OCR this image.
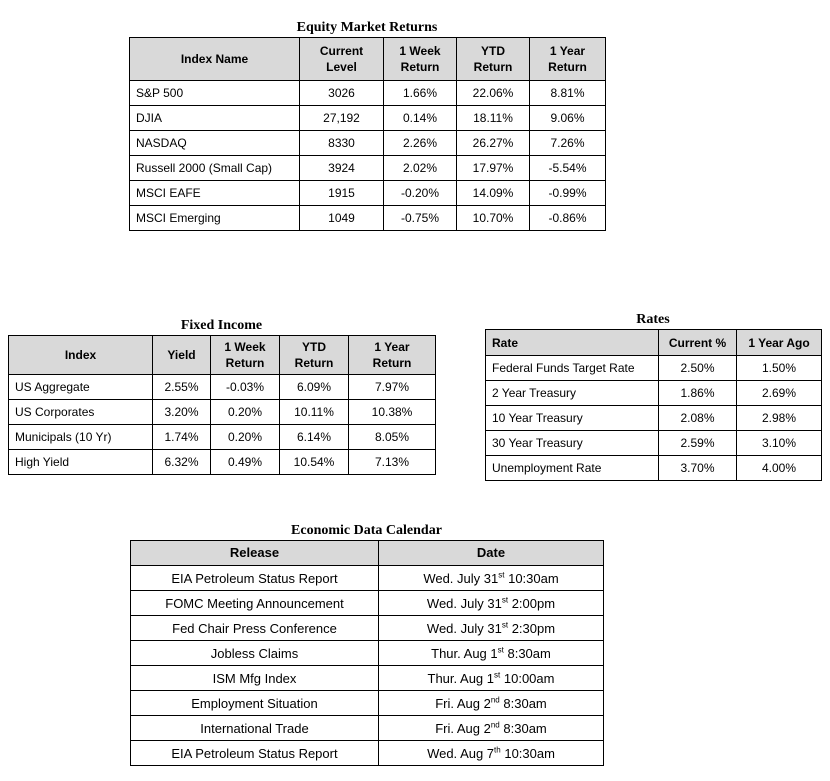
Equity Market Returns
Index Name	Current Level	1 Week Return	YTD Return	1 Year Return
S&P 500	3026	1.66%	22.06%	8.81%
DJIA	27,192	0.14%	18.11%	9.06%
NASDAQ	8330	2.26%	26.27%	7.26%
Russell 2000 (Small Cap)	3924	2.02%	17.97%	-5.54%
MSCI EAFE	1915	-0.20%	14.09%	-0.99%
MSCI Emerging	1049	-0.75%	10.70%	-0.86%
Fixed Income
Index	Yield	1 Week Return	YTD Return	1 Year Return
US Aggregate	2.55%	-0.03%	6.09%	7.97%
US Corporates	3.20%	0.20%	10.11%	10.38%
Municipals (10 Yr)	1.74%	0.20%	6.14%	8.05%
High Yield	6.32%	0.49%	10.54%	7.13%
Rates
Rate	Current %	1 Year Ago
Federal Funds Target Rate	2.50%	1.50%
2 Year Treasury	1.86%	2.69%
10 Year Treasury	2.08%	2.98%
30 Year Treasury	2.59%	3.10%
Unemployment Rate	3.70%	4.00%
Economic Data Calendar
Release	Date
EIA Petroleum Status Report	Wed. July 31st 10:30am
FOMC Meeting Announcement	Wed. July 31st 2:00pm
Fed Chair Press Conference	Wed. July 31st 2:30pm
Jobless Claims	Thur. Aug 1st 8:30am
ISM Mfg Index	Thur. Aug 1st 10:00am
Employment Situation	Fri. Aug 2nd 8:30am
International Trade	Fri. Aug 2nd 8:30am
EIA Petroleum Status Report	Wed. Aug 7th 10:30am
